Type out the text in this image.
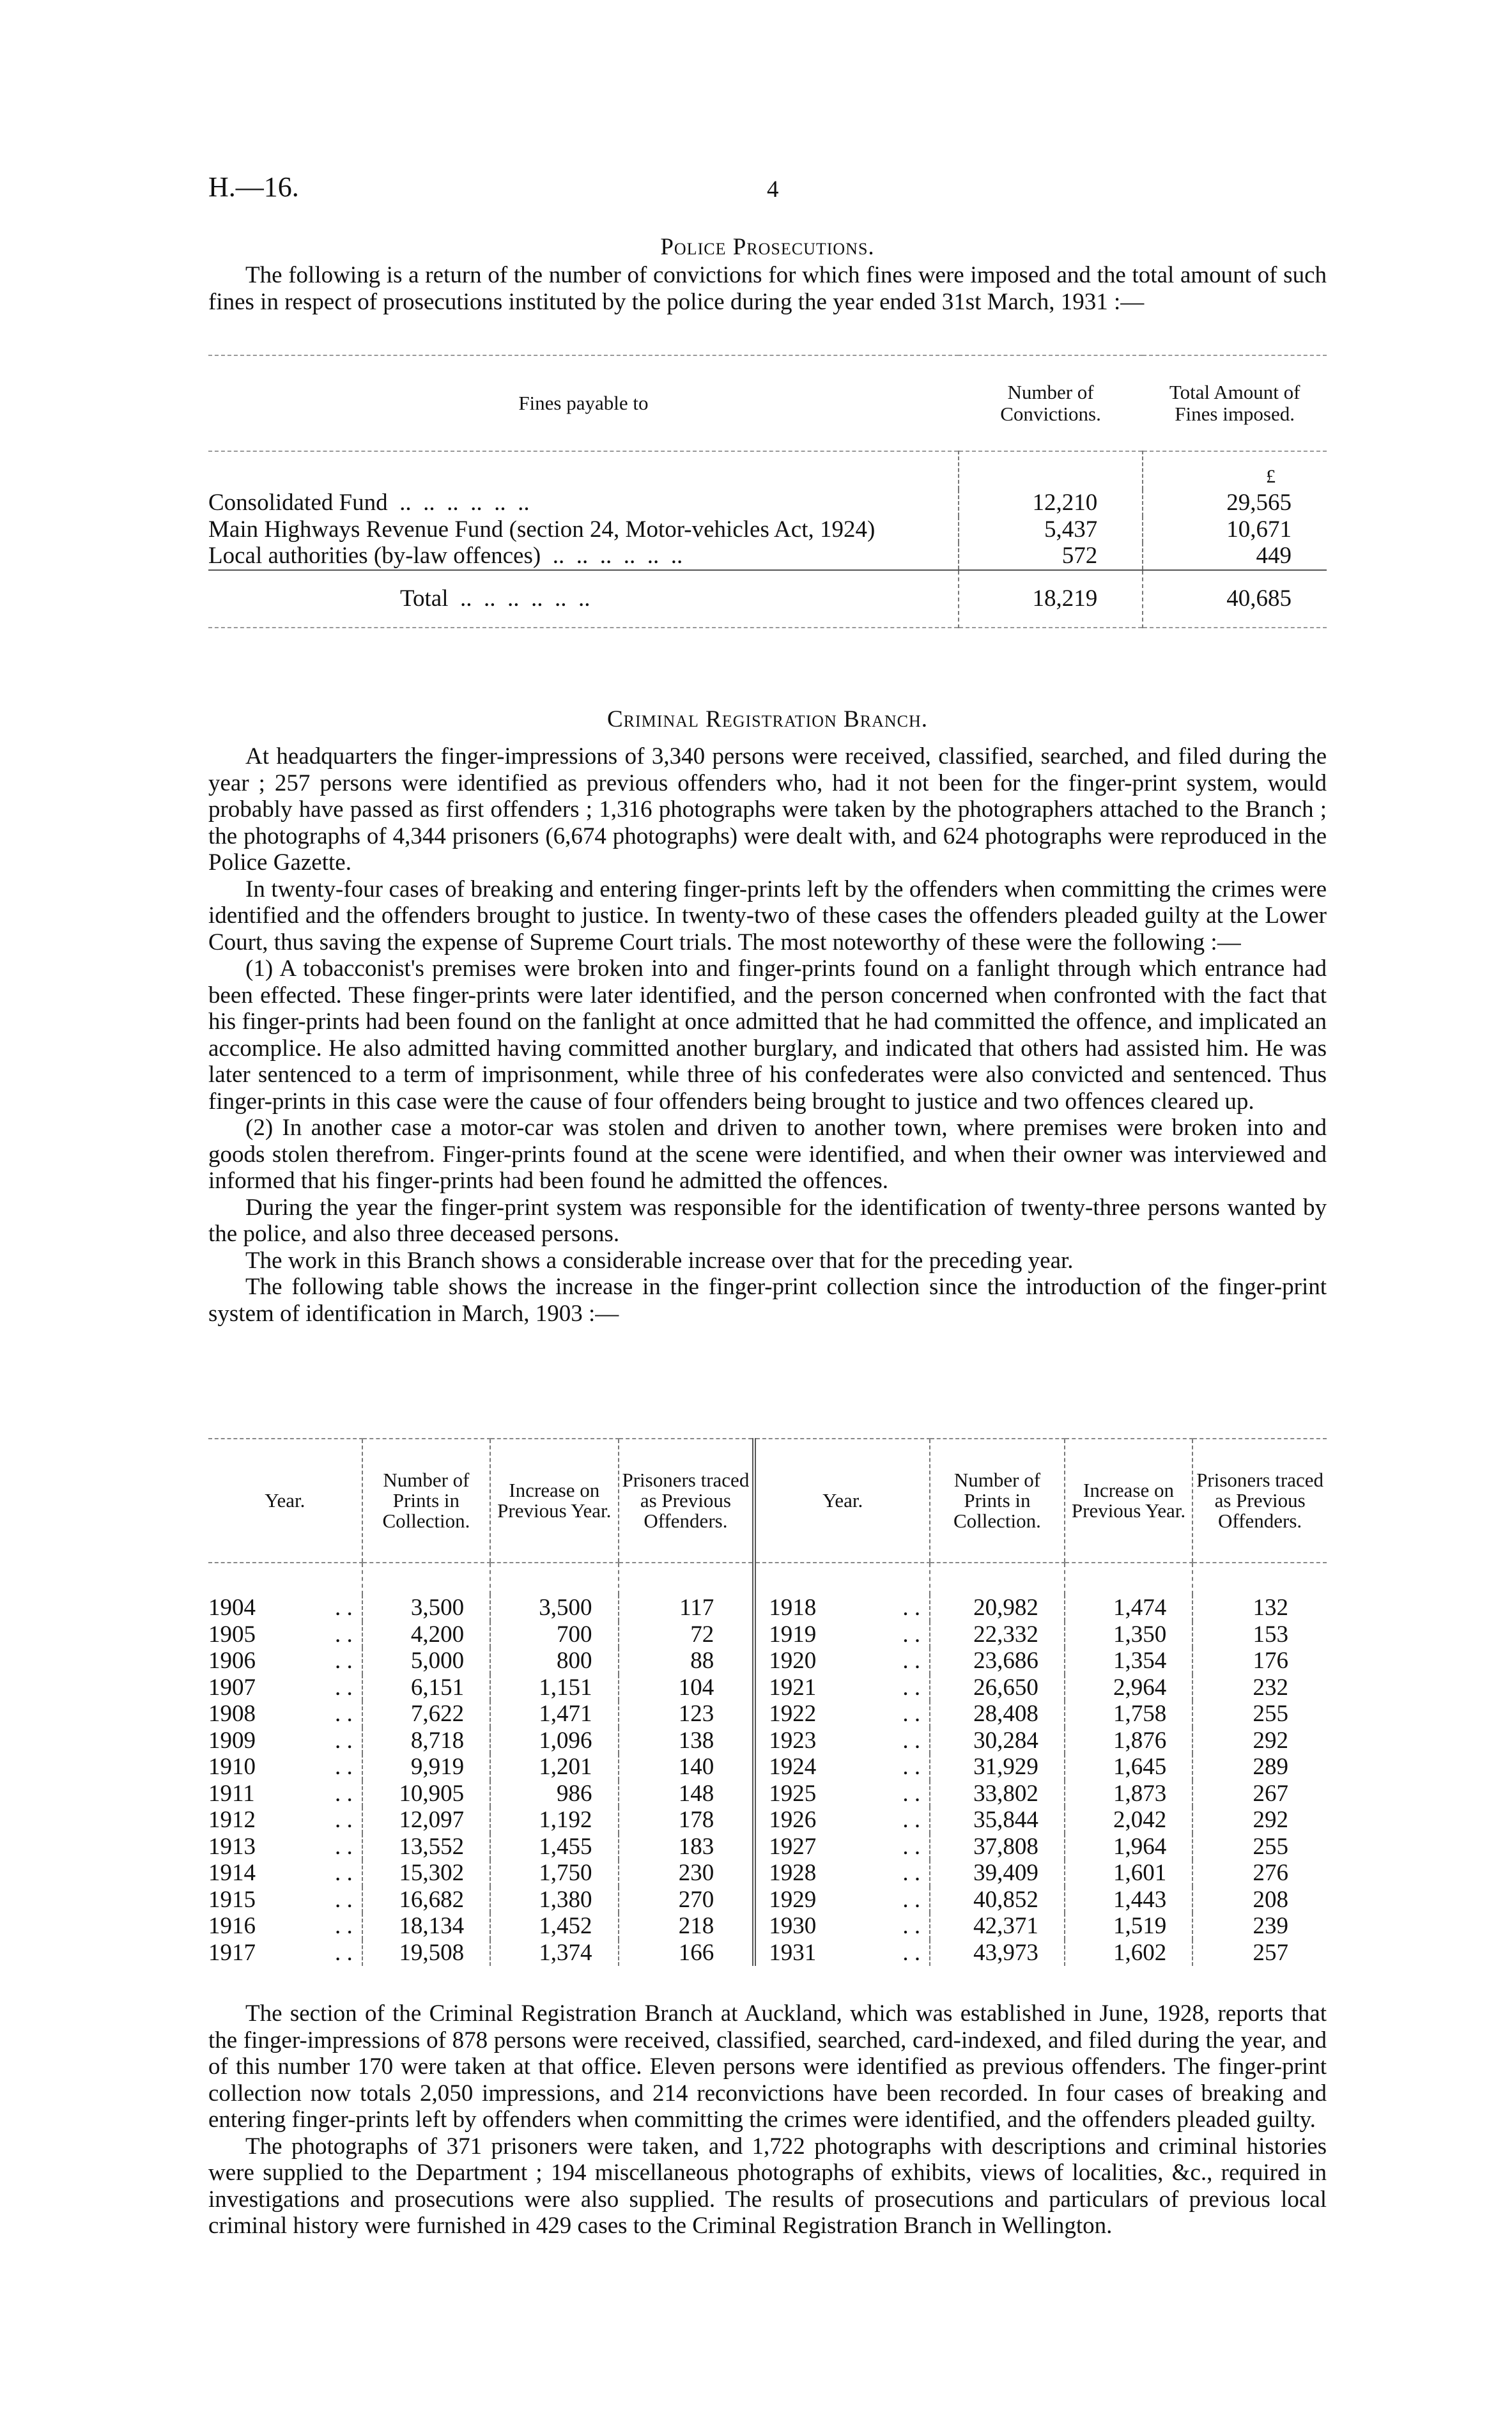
H.—16.	4
Police Prosecutions.

The following is a return of the number of convictions for which fines were imposed and the total amount of such fines in respect of prosecutions instituted by the police during the year ended 31st March, 1931 :—

Fines payable to	Number of Convictions.	Total Amount of Fines imposed.
		£
Consolidated Fund .. .	12,210	29,565
Main Highways Revenue Fund (section 24, Motor-vehicles Act, 1924)	5,437	10,671
Local authorities (by-law offences) .. .	572	449
Total .. .	18,219	40,685
Criminal Registration Branch.

At headquarters the finger-impressions of 3,340 persons were received, classified, searched, and filed during the year ; 257 persons were identified as previous offenders who, had it not been for the finger-print system, would probably have passed as first offenders ; 1,316 photographs were taken by the photographers attached to the Branch ; the photographs of 4,344 prisoners (6,674 photographs) were dealt with, and 624 photographs were reproduced in the Police Gazette.

In twenty-four cases of breaking and entering finger-prints left by the offenders when committing the crimes were identified and the offenders brought to justice. In twenty-two of these cases the offenders pleaded guilty at the Lower Court, thus saving the expense of Supreme Court trials. The most noteworthy of these were the following :—

(1) A tobacconist's premises were broken into and finger-prints found on a fanlight through which entrance had been effected. These finger-prints were later identified, and the person concerned when confronted with the fact that his finger-prints had been found on the fanlight at once admitted that he had committed the offence, and implicated an accomplice. He also admitted having committed another burglary, and indicated that others had assisted him. He was later sentenced to a term of imprisonment, while three of his confederates were also convicted and sentenced. Thus finger-prints in this case were the cause of four offenders being brought to justice and two offences cleared up.

(2) In another case a motor-car was stolen and driven to another town, where premises were broken into and goods stolen therefrom. Finger-prints found at the scene were identified, and when their owner was interviewed and informed that his finger-prints had been found he admitted the offences.

During the year the finger-print system was responsible for the identification of twenty-three persons wanted by the police, and also three deceased persons.

The work in this Branch shows a considerable increase over that for the preceding year.

The following table shows the increase in the finger-print collection since the introduction of the finger-print system of identification in March, 1903 :—

Year.	Number of Prints in Collection.	Increase on Previous Year.	Prisoners traced as Previous Offenders.	Year.	Number of Prints in Collection.	Increase on Previous Year.	Prisoners traced as Previous Offenders.

1904 . .	3,500	3,500	117	1918 . .	20,982	1,474	132
1905 . .	4,200	700	72	1919 . .	22,332	1,350	153
1906 . .	5,000	800	88	1920 . .	23,686	1,354	176
1907 . .	6,151	1,151	104	1921 . .	26,650	2,964	232
1908 . .	7,622	1,471	123	1922 . .	28,408	1,758	255
1909 . .	8,718	1,096	138	1923 . .	30,284	1,876	292
1910 . .	9,919	1,201	140	1924 . .	31,929	1,645	289
1911 . .	10,905	986	148	1925 . .	33,802	1,873	267
1912 . .	12,097	1,192	178	1926 . .	35,844	2,042	292
1913 . .	13,552	1,455	183	1927 . .	37,808	1,964	255
1914 . .	15,302	1,750	230	1928 . .	39,409	1,601	276
1915 . .	16,682	1,380	270	1929 . .	40,852	1,443	208
1916 . .	18,134	1,452	218	1930 . .	42,371	1,519	239
1917 . .	19,508	1,374	166	1931 . .	43,973	1,602	257

The section of the Criminal Registration Branch at Auckland, which was established in June, 1928, reports that the finger-impressions of 878 persons were received, classified, searched, card-indexed, and filed during the year, and of this number 170 were taken at that office. Eleven persons were identified as previous offenders. The finger-print collection now totals 2,050 impressions, and 214 reconvictions have been recorded. In four cases of breaking and entering finger-prints left by offenders when committing the crimes were identified, and the offenders pleaded guilty.

The photographs of 371 prisoners were taken, and 1,722 photographs with descriptions and criminal histories were supplied to the Department ; 194 miscellaneous photographs of exhibits, views of localities, &c., required in investigations and prosecutions were also supplied. The results of prosecutions and particulars of previous local criminal history were furnished in 429 cases to the Criminal Registration Branch in Wellington.
